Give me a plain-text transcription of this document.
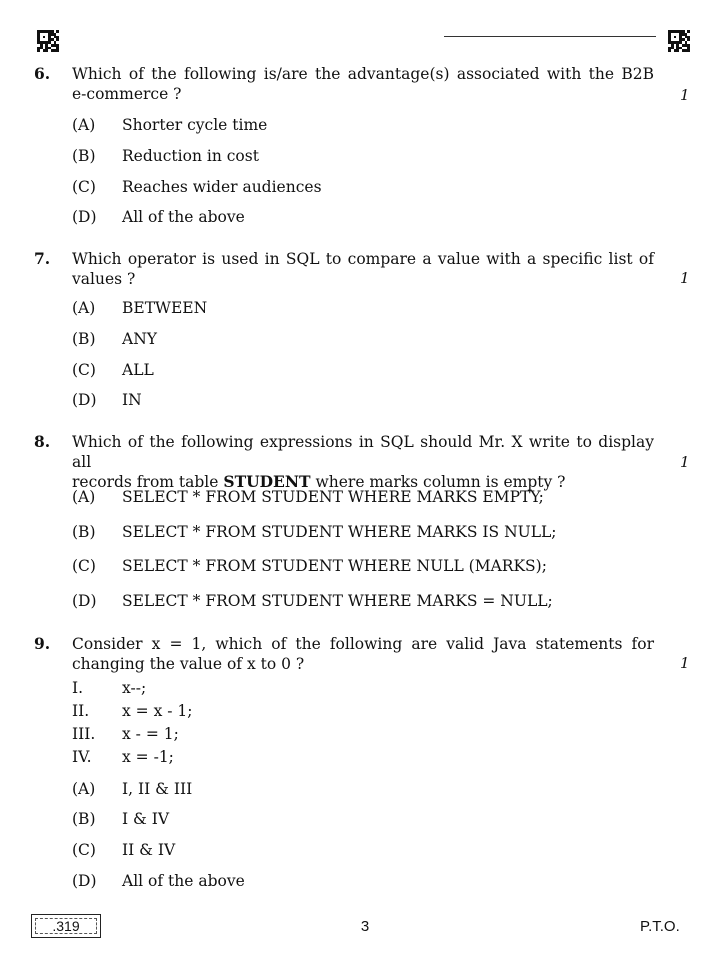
6. Which of the following is/are the advantage(s) associated with the B2B
e-commerce ?	1
(A) Shorter cycle time
(B) Reduction in cost
(C) Reaches wider audiences
(D) All of the above
7. Which operator is used in SQL to compare a value with a specific list of
values ?	1
(A) BETWEEN
(B) ANY
(C) ALL
(D) IN
8. Which of the following expressions in SQL should Mr. X write to display all
records from table STUDENT where marks column is empty ?
1
(A) SELECT * FROM STUDENT WHERE MARKS EMPTY;
(B) SELECT * FROM STUDENT WHERE MARKS IS NULL;
(C) SELECT * FROM STUDENT WHERE NULL (MARKS);
(D) SELECT * FROM STUDENT WHERE MARKS = NULL;
9. Consider x = 1, which of the following are valid Java statements for
changing the value of x to 0 ?	1
I.	x--;
II. x = x - 1;
III. x - = 1;
IV. x = -1;
(A) I, II & III
(B) I & IV
(C) II & IV
(D) All of the above
.319	3	P.T.O.
